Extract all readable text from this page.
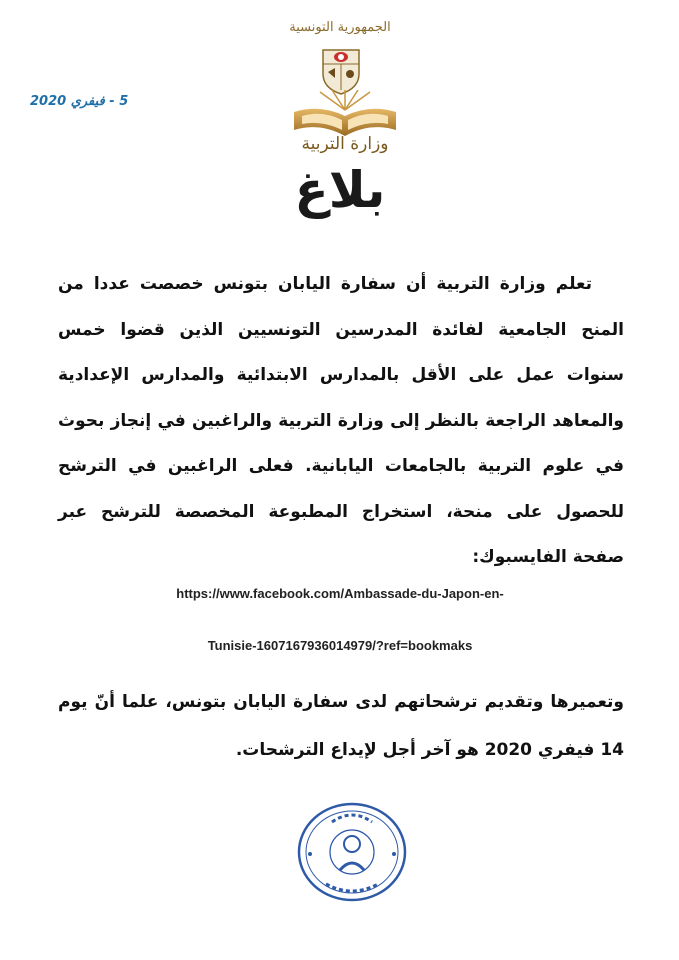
5 - فيفري 2020
الجمهورية التونسية
وزارة التربية
بلاغ

تعلم وزارة التربية أن سفارة اليابان بتونس خصصت عددا من المنح الجامعية لفائدة المدرسين التونسيين الذين قضوا خمس سنوات عمل على الأقل بالمدارس الابتدائية والمدارس الإعدادية والمعاهد الراجعة بالنظر إلى وزارة التربية والراغبين في إنجاز بحوث في علوم التربية بالجامعات اليابانية. فعلى الراغبين في الترشح للحصول على منحة، استخراج المطبوعة المخصصة للترشح عبر صفحة الفايسبوك:

https://www.facebook.com/Ambassade-du-Japon-en-
Tunisie-1607167936014979/?ref=bookmaks

وتعميرها وتقديم ترشحاتهم لدى سفارة اليابان بتونس، علما أنّ يوم 14 فيفري 2020 هو آخر أجل لإيداع الترشحات.
